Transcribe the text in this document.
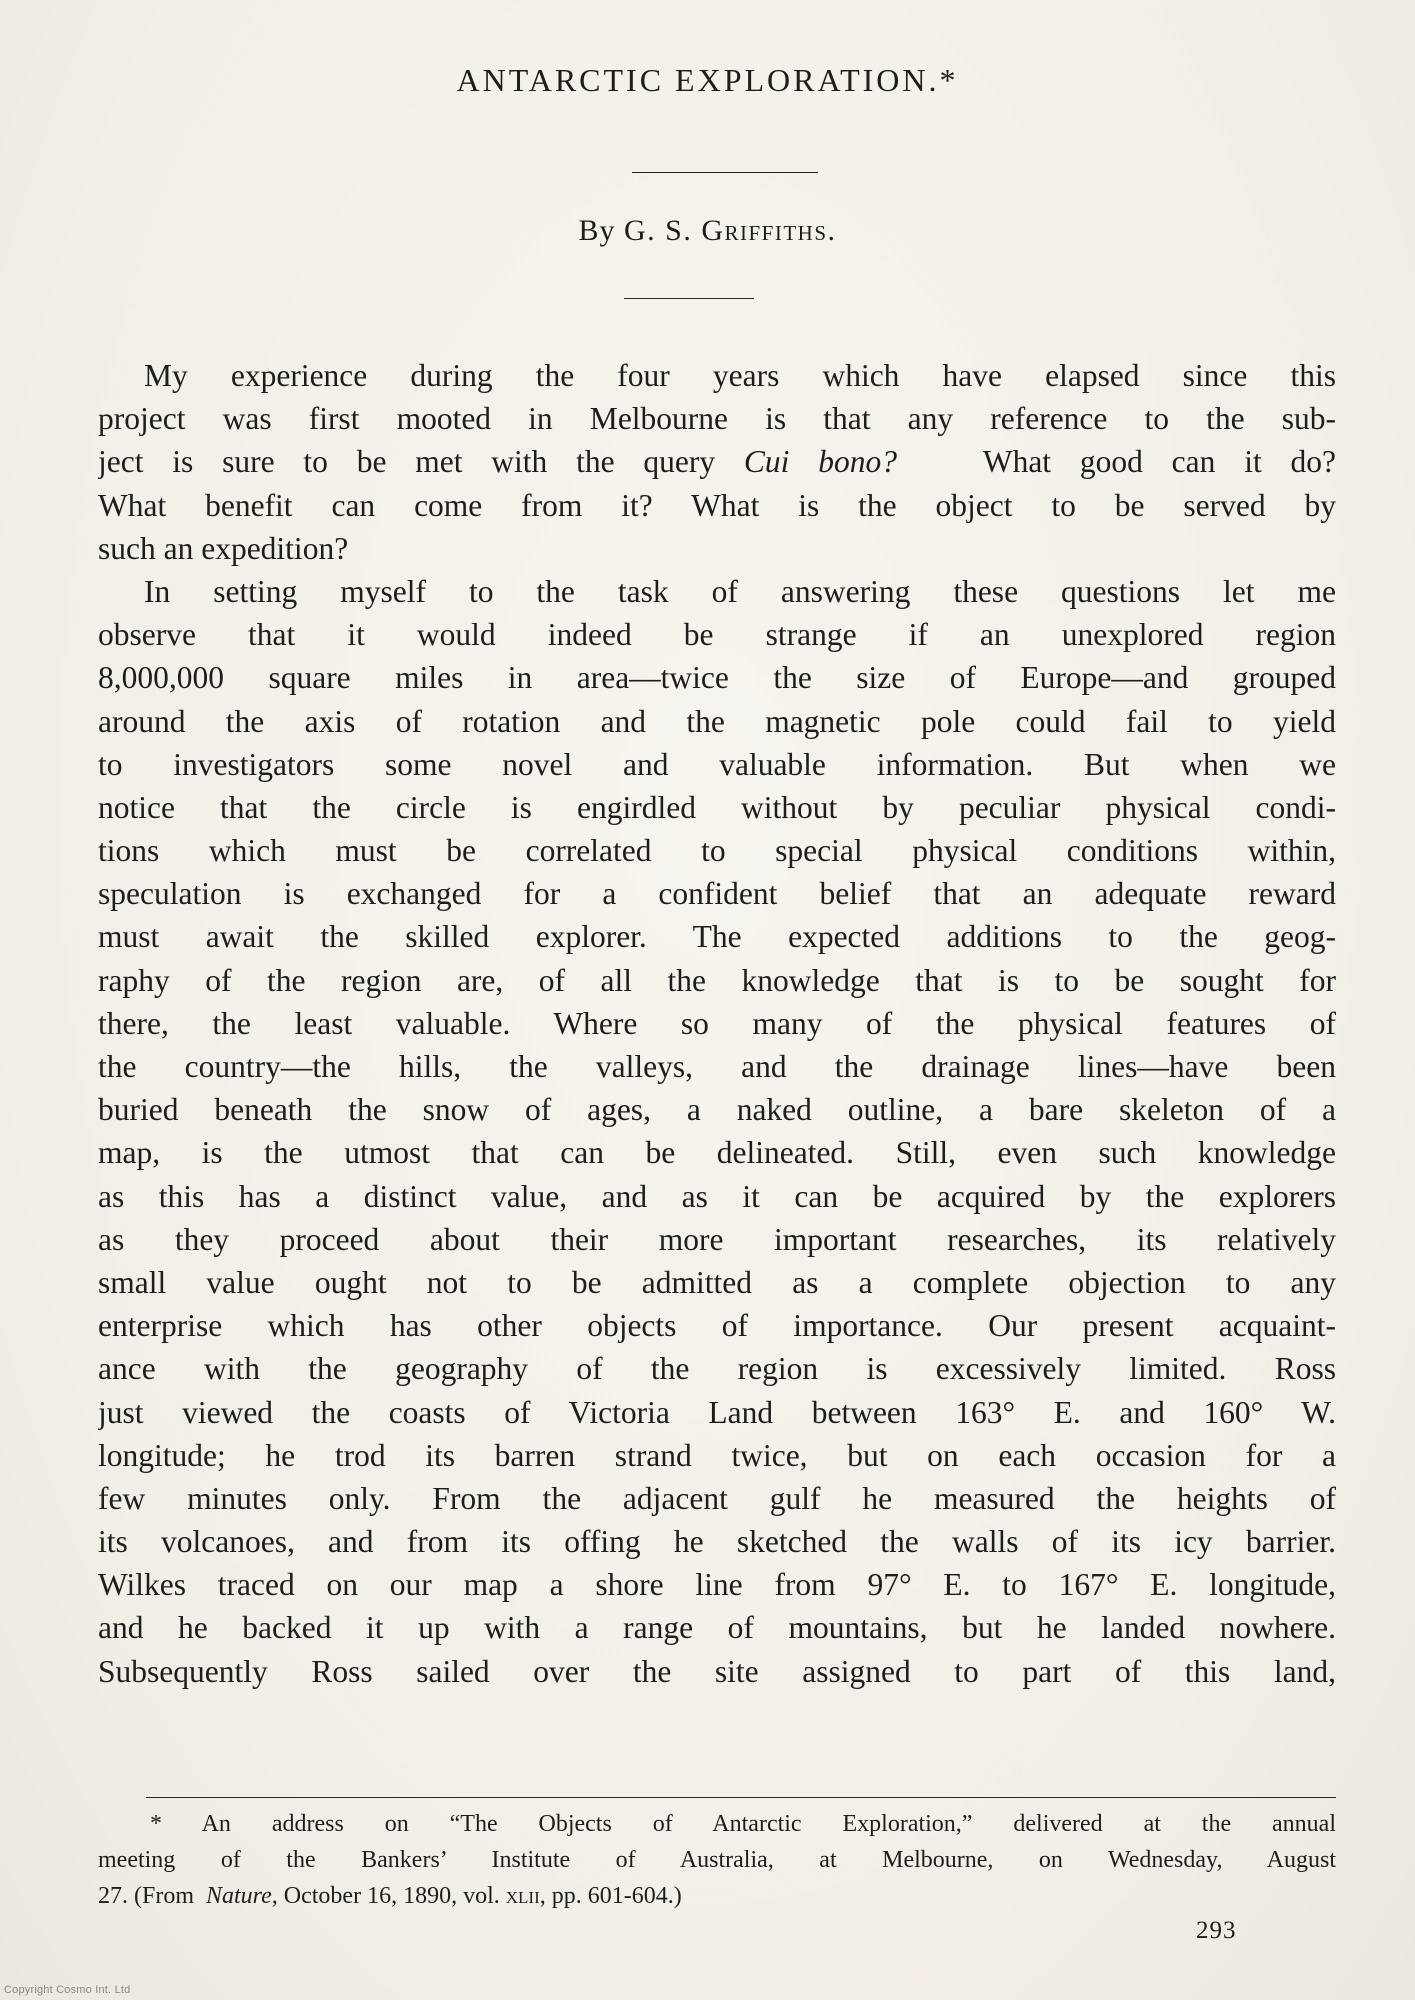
ANTARCTIC EXPLORATION.*
By G. S. Griffiths.
My experience during the four years which have elapsed since this
project was first mooted in Melbourne is that any reference to the sub-
ject is sure to be met with the query Cui bono?	What good can it do?
What benefit can come from it? What is the object to be served by
such an expedition?
In setting myself to the task of answering these questions let me
observe that it would indeed be strange if an unexplored region
8,000,000 square miles in area—twice the size of Europe—and grouped
around the axis of rotation and the magnetic pole could fail to yield
to investigators some novel and valuable information. But when we
notice that the circle is engirdled without by peculiar physical condi-
tions which must be correlated to special physical conditions within,
speculation is exchanged for a confident belief that an adequate reward
must await the skilled explorer. The expected additions to the geog-
raphy of the region are, of all the knowledge that is to be sought for
there, the least valuable. Where so many of the physical features of
the country—the hills, the valleys, and the drainage lines—have been
buried beneath the snow of ages, a naked outline, a bare skeleton of a
map, is the utmost that can be delineated. Still, even such knowledge
as this has a distinct value, and as it can be acquired by the explorers
as they proceed about their more important researches, its relatively
small value ought not to be admitted as a complete objection to any
enterprise which has other objects of importance. Our present acquaint-
ance with the geography of the region is excessively limited. Ross
just viewed the coasts of Victoria Land between 163° E. and 160° W.
longitude; he trod its barren strand twice, but on each occasion for a
few minutes only. From the adjacent gulf he measured the heights of
its volcanoes, and from its offing he sketched the walls of its icy barrier.
Wilkes traced on our map a shore line from 97° E. to 167° E. longitude,
and he backed it up with a range of mountains, but he landed nowhere.
Subsequently Ross sailed over the site assigned to part of this land,
* An address on “The Objects of Antarctic Exploration,” delivered at the annual
meeting of the Bankers’ Institute of Australia, at Melbourne, on Wednesday, August
27. (From Nature, October 16, 1890, vol. xlii, pp. 601-604.)
293
Copyright Cosmo Int. Ltd
